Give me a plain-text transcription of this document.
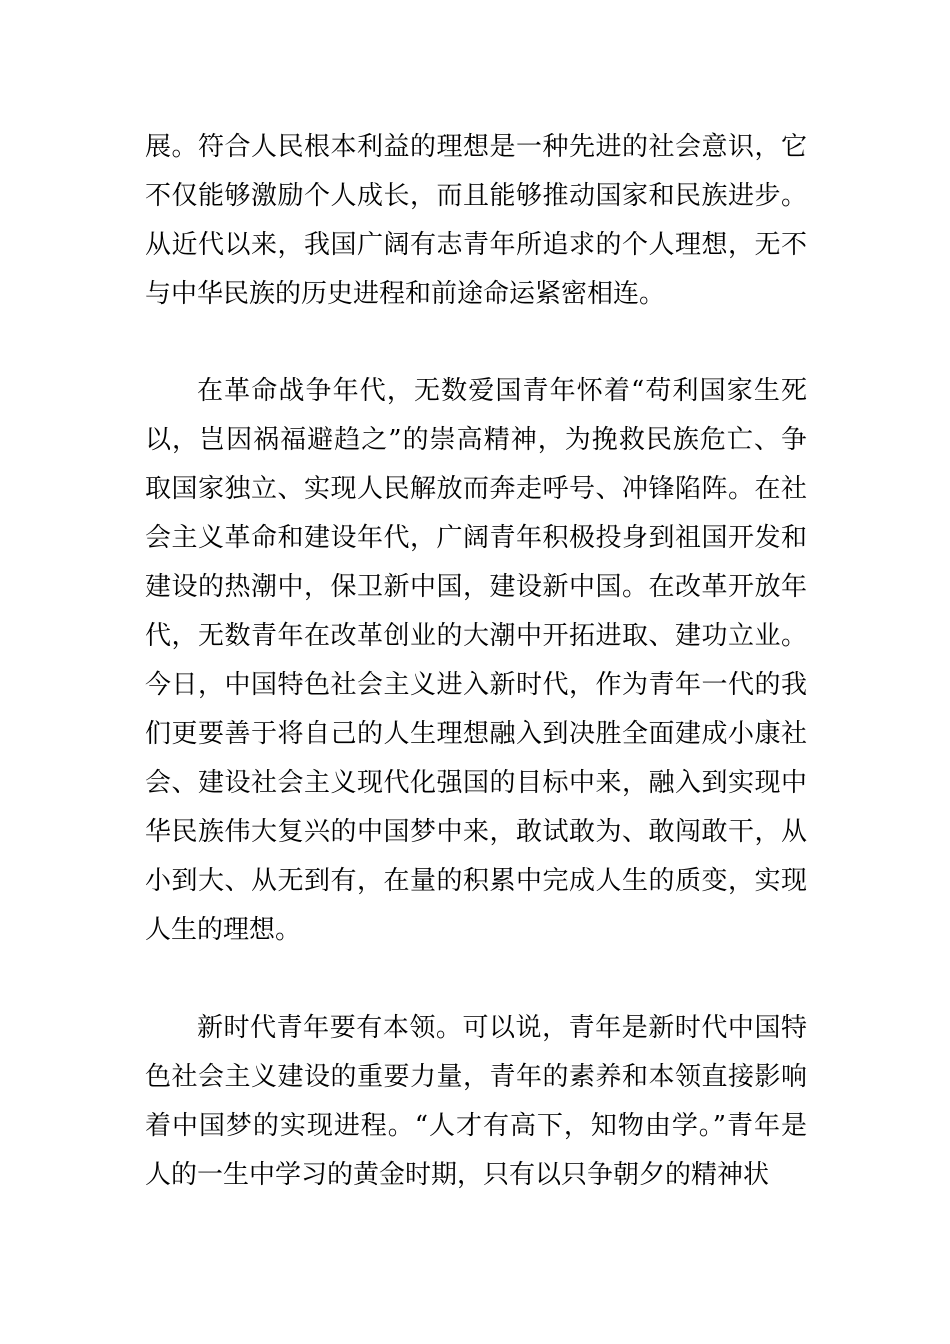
展。符合人民根本利益的理想是一种先进的社会意识，它不仅能够激励个人成长，而且能够推动国家和民族进步。从近代以来，我国广阔有志青年所追求的个人理想，无不与中华民族的历史进程和前途命运紧密相连。

在革命战争年代，无数爱国青年怀着“苟利国家生死以，岂因祸福避趋之”的崇高精神，为挽救民族危亡、争取国家独立、实现人民解放而奔走呼号、冲锋陷阵。在社会主义革命和建设年代，广阔青年积极投身到祖国开发和建设的热潮中，保卫新中国，建设新中国。在改革开放年代，无数青年在改革创业的大潮中开拓进取、建功立业。今日，中国特色社会主义进入新时代，作为青年一代的我们更要善于将自己的人生理想融入到决胜全面建成小康社会、建设社会主义现代化强国的目标中来，融入到实现中华民族伟大复兴的中国梦中来，敢试敢为、敢闯敢干，从小到大、从无到有，在量的积累中完成人生的质变，实现人生的理想。

新时代青年要有本领。可以说，青年是新时代中国特色社会主义建设的重要力量，青年的素养和本领直接影响着中国梦的实现进程。“人才有高下，知物由学。”青年是人的一生中学习的黄金时期，只有以只争朝夕的精神状
